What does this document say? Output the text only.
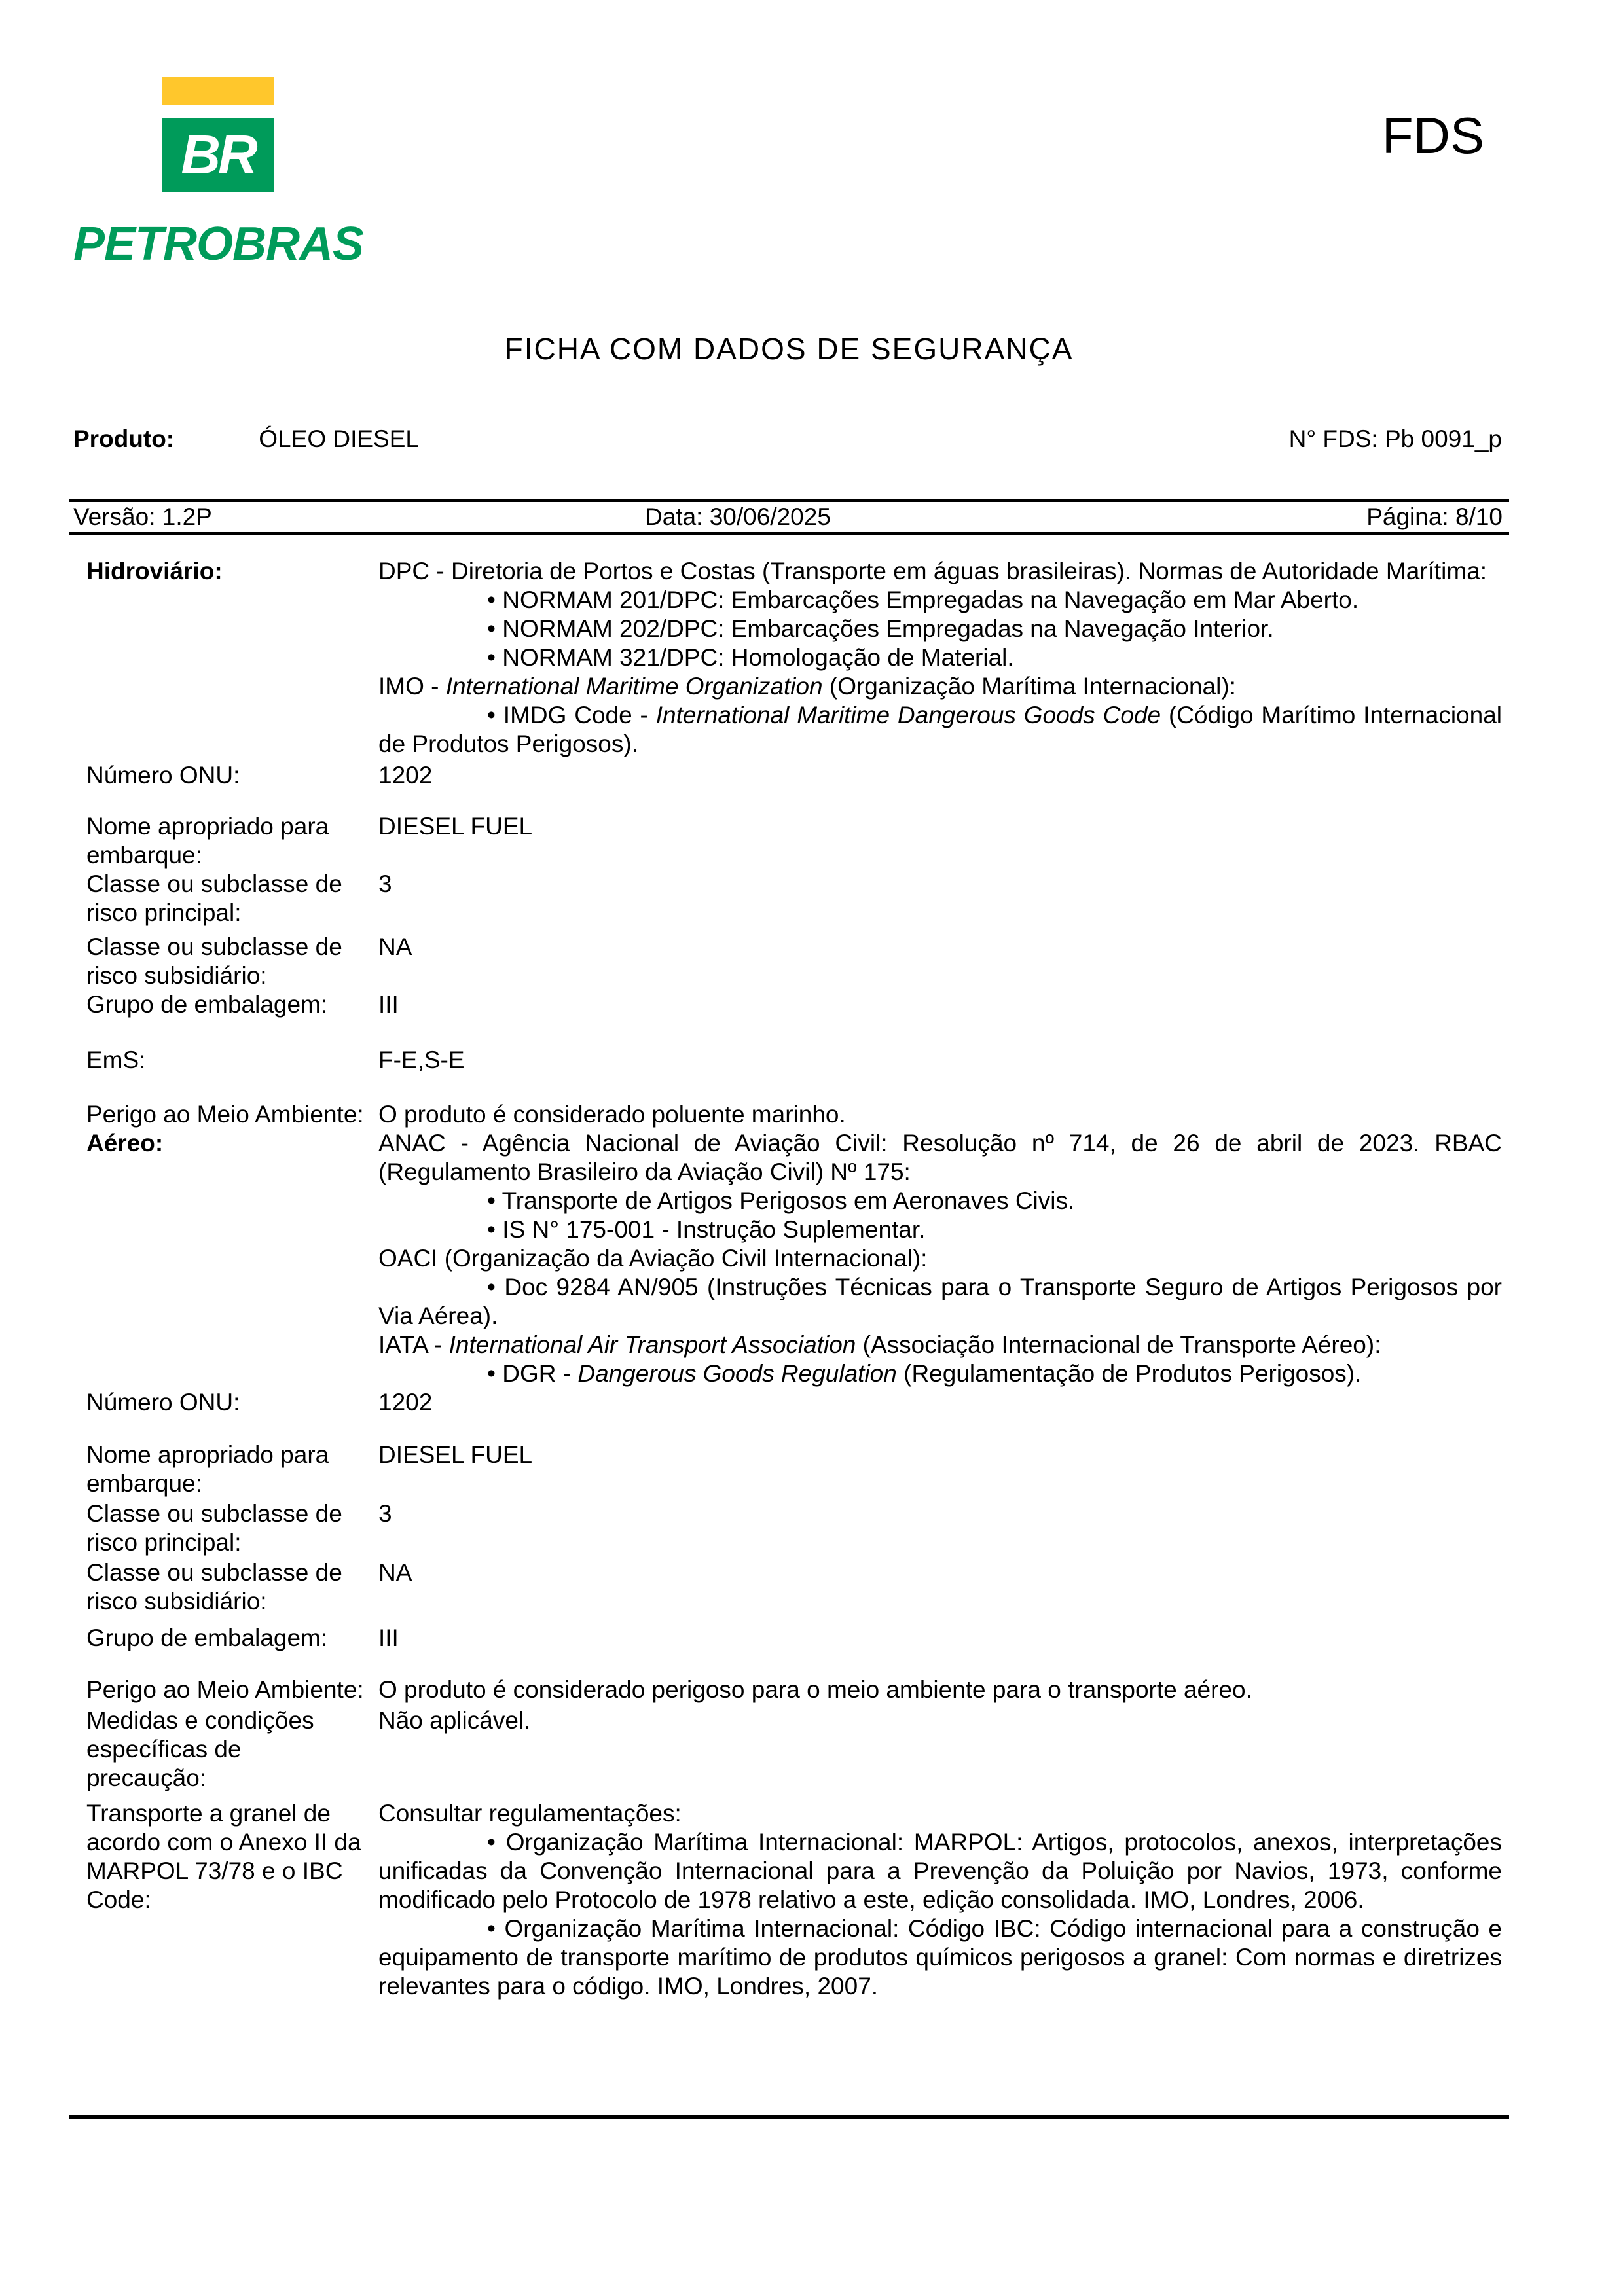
BR
PETROBRAS
FDS
FICHA COM DADOS DE SEGURANÇA
N° FDS: Pb 0091_p
Produto:	ÓLEO DIESEL
Versão: 1.2P	Data: 30/06/2025	Página: 8/10
Hidroviário:	DPC - Diretoria de Portos e Costas (Transporte em águas brasileiras). Normas de Autoridade Marítima:

• NORMAM 201/DPC: Embarcações Empregadas na Navegação em Mar Aberto.

• NORMAM 202/DPC: Embarcações Empregadas na Navegação Interior.

• NORMAM 321/DPC: Homologação de Material.

IMO - International Maritime Organization (Organização Marítima Internacional):

• IMDG Code - International Maritime Dangerous Goods Code (Código Marítimo Internacional de Produtos Perigosos).

Número ONU:	1202

Nome apropriado para embarque:

DIESEL FUEL

Classe ou subclasse de risco principal:

3

Classe ou subclasse de risco subsidiário:

NA

Grupo de embalagem:	III

EmS:	F-E,S-E

Perigo ao Meio Ambiente: O produto é considerado poluente marinho.

Aéreo:	ANAC - Agência Nacional de Aviação Civil: Resolução nº 714, de 26 de abril de 2023. RBAC (Regulamento Brasileiro da Aviação Civil) Nº 175:

• Transporte de Artigos Perigosos em Aeronaves Civis.

• IS N° 175-001 - Instrução Suplementar.

OACI (Organização da Aviação Civil Internacional):

• Doc 9284 AN/905 (Instruções Técnicas para o Transporte Seguro de Artigos Perigosos por Via Aérea).

IATA - International Air Transport Association (Associação Internacional de Transporte Aéreo):

• DGR - Dangerous Goods Regulation (Regulamentação de Produtos Perigosos).

Número ONU:	1202

Nome apropriado para embarque:

DIESEL FUEL

Classe ou subclasse de risco principal:

3

Classe ou subclasse de risco subsidiário:

NA

Grupo de embalagem:	III

Perigo ao Meio Ambiente: O produto é considerado perigoso para o meio ambiente para o transporte aéreo.

Medidas e condições específicas de precaução:

Não aplicável.

Transporte a granel de acordo com o Anexo II da MARPOL 73/78 e o IBC Code:

Consultar regulamentações:

• Organização Marítima Internacional: MARPOL: Artigos, protocolos, anexos, interpretações unificadas da Convenção Internacional para a Prevenção da Poluição por Navios, 1973, conforme modificado pelo Protocolo de 1978 relativo a este, edição consolidada. IMO, Londres, 2006.

• Organização Marítima Internacional: Código IBC: Código internacional para a construção e equipamento de transporte marítimo de produtos químicos perigosos a granel: Com normas e diretrizes relevantes para o código. IMO, Londres, 2007.
